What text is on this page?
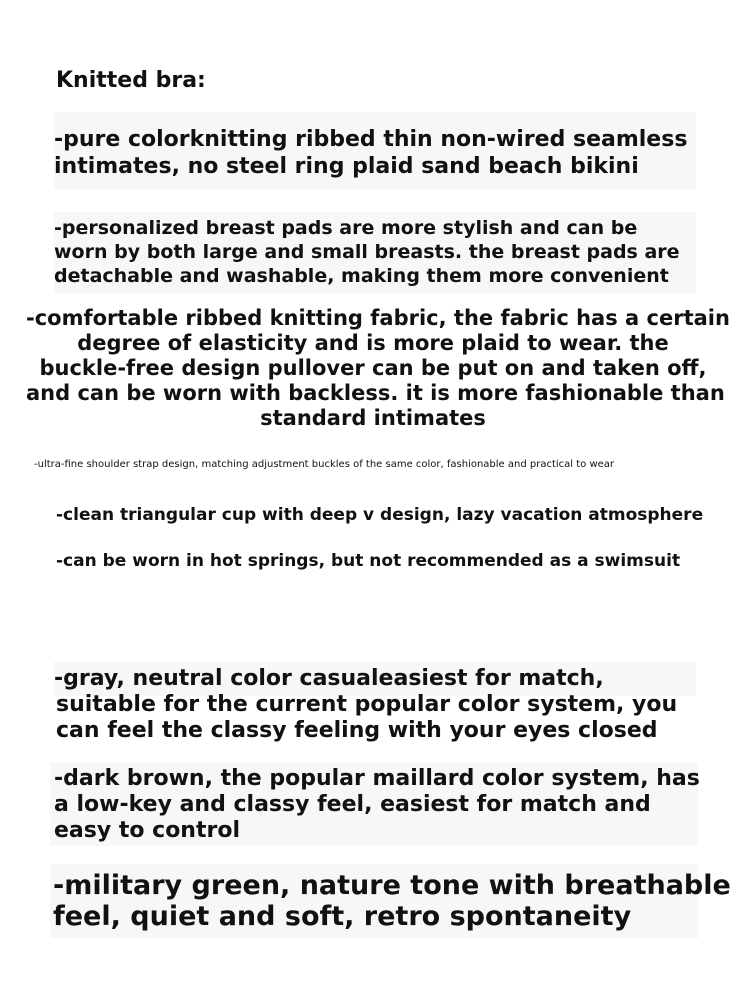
Knitted bra:
-pure colorknitting ribbed thin non-wired seamless
intimates, no steel ring plaid sand beach bikini
-personalized breast pads are more stylish and can be
worn by both large and small breasts. the breast pads are
detachable and washable, making them more convenient
-comfortable ribbed knitting fabric, the fabric has a certain
degree of elasticity and is more plaid to wear. the
buckle-free design pullover can be put on and taken off,
and can be worn with backless. it is more fashionable than
standard intimates
-ultra-fine shoulder strap design, matching adjustment buckles of the same color, fashionable and practical to wear
-clean triangular cup with deep v design, lazy vacation atmosphere
-can be worn in hot springs, but not recommended as a swimsuit
-gray, neutral color casualeasiest for match,
suitable for the current popular color system, you
can feel the classy feeling with your eyes closed
-dark brown, the popular maillard color system, has
a low-key and classy feel, easiest for match and
easy to control
-military green, nature tone with breathable
feel, quiet and soft, retro spontaneity
